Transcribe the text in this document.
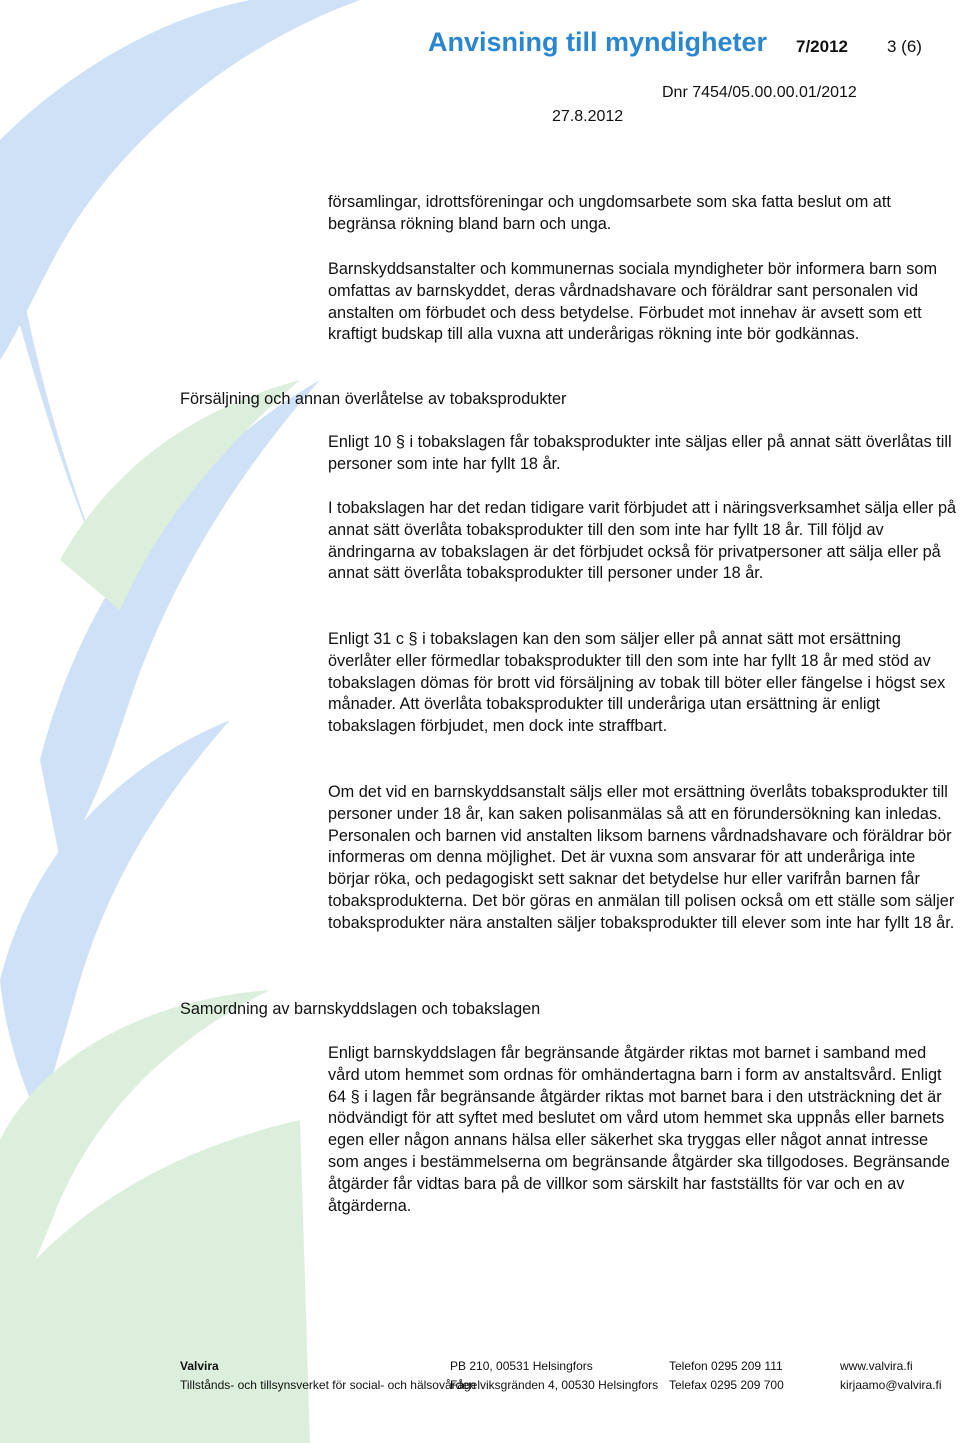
Anvisning till myndigheter 7/2012 3 (6)
Dnr 7454/05.00.00.01/2012
27.8.2012

församlingar, idrottsföreningar och ungdomsarbete som ska fatta beslut om att begränsa rökning bland barn och unga.

Barnskyddsanstalter och kommunernas sociala myndigheter bör informera barn som omfattas av barnskyddet, deras vårdnadshavare och föräldrar sant personalen vid anstalten om förbudet och dess betydelse. Förbudet mot innehav är avsett som ett kraftigt budskap till alla vuxna att underårigas rökning inte bör godkännas.

Försäljning och annan överlåtelse av tobaksprodukter

Enligt 10 § i tobakslagen får tobaksprodukter inte säljas eller på annat sätt överlåtas till personer som inte har fyllt 18 år.

I tobakslagen har det redan tidigare varit förbjudet att i näringsverksamhet sälja eller på annat sätt överlåta tobaksprodukter till den som inte har fyllt 18 år. Till följd av ändringarna av tobakslagen är det förbjudet också för privatpersoner att sälja eller på annat sätt överlåta tobaksprodukter till personer under 18 år.

Enligt 31 c § i tobakslagen kan den som säljer eller på annat sätt mot ersättning överlåter eller förmedlar tobaksprodukter till den som inte har fyllt 18 år med stöd av tobakslagen dömas för brott vid försäljning av tobak till böter eller fängelse i högst sex månader. Att överlåta tobaksprodukter till underåriga utan ersättning är enligt tobakslagen förbjudet, men dock inte straffbart.

Om det vid en barnskyddsanstalt säljs eller mot ersättning överlåts tobaksprodukter till personer under 18 år, kan saken polisanmälas så att en förundersökning kan inledas. Personalen och barnen vid anstalten liksom barnens vårdnadshavare och föräldrar bör informeras om denna möjlighet. Det är vuxna som ansvarar för att underåriga inte börjar röka, och pedagogiskt sett saknar det betydelse hur eller varifrån barnen får tobaksprodukterna. Det bör göras en anmälan till polisen också om ett ställe som säljer tobaksprodukter nära anstalten säljer tobaksprodukter till elever som inte har fyllt 18 år.

Samordning av barnskyddslagen och tobakslagen

Enligt barnskyddslagen får begränsande åtgärder riktas mot barnet i samband med vård utom hemmet som ordnas för omhändertagna barn i form av anstaltsvård. Enligt 64 § i lagen får begränsande åtgärder riktas mot barnet bara i den utsträckning det är nödvändigt för att syftet med beslutet om vård utom hemmet ska uppnås eller barnets egen eller någon annans hälsa eller säkerhet ska tryggas eller något annat intresse som anges i bestämmelserna om begränsande åtgärder ska tillgodoses. Begränsande åtgärder får vidtas bara på de villkor som särskilt har fastställts för var och en av åtgärderna.

Valvira
Tillstånds- och tillsynsverket för social- och hälsovården
PB 210, 00531 Helsingfors
Fågelviksgränden 4, 00530 Helsingfors
Telefon 0295 209 111
Telefax 0295 209 700
www.valvira.fi
kirjaamo@valvira.fi
